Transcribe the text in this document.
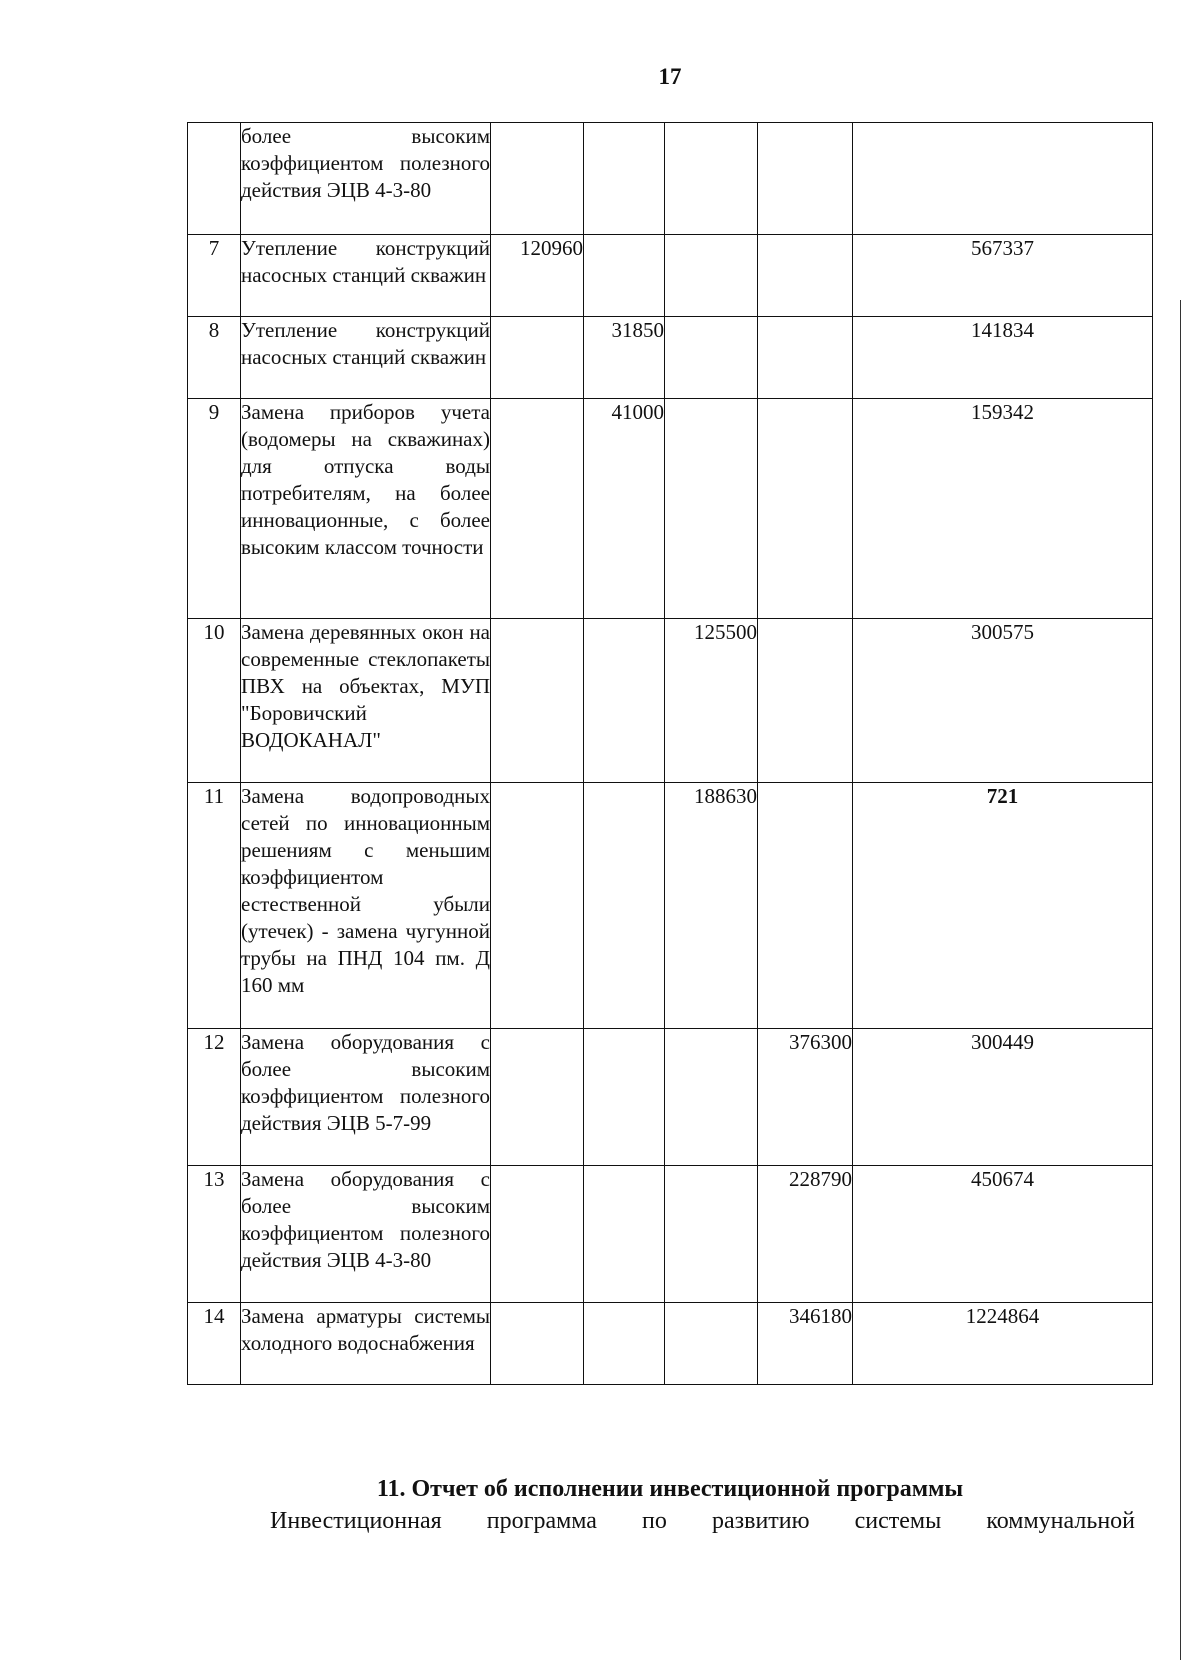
17
	более высоким коэффициентом полезного действия ЭЦВ 4-3-80					
7	Утепление конструкций насосных станций скважин	120960				567337
8	Утепление конструкций насосных станций скважин		31850			141834
9	Замена приборов учета (водомеры на скважинах) для отпуска воды потребителям, на более инновационные, с более высоким классом точности		41000			159342
10	Замена деревянных окон на современные стеклопакеты ПВХ на объектах, МУП "Боровичский ВОДОКАНАЛ"			125500		300575
11	Замена водопроводных сетей по инновационным решениям с меньшим коэффициентом естественной убыли (утечек) - замена чугунной трубы на ПНД 104 пм. Д 160 мм			188630		721
12	Замена оборудования с более высоким коэффициентом полезного действия ЭЦВ 5-7-99				376300	300449
13	Замена оборудования с более высоким коэффициентом полезного действия ЭЦВ 4-3-80				228790	450674
14	Замена арматуры системы холодного водоснабжения				346180	1224864
11. Отчет об исполнении инвестиционной программы
Инвестиционная программа по развитию системы коммунальной
